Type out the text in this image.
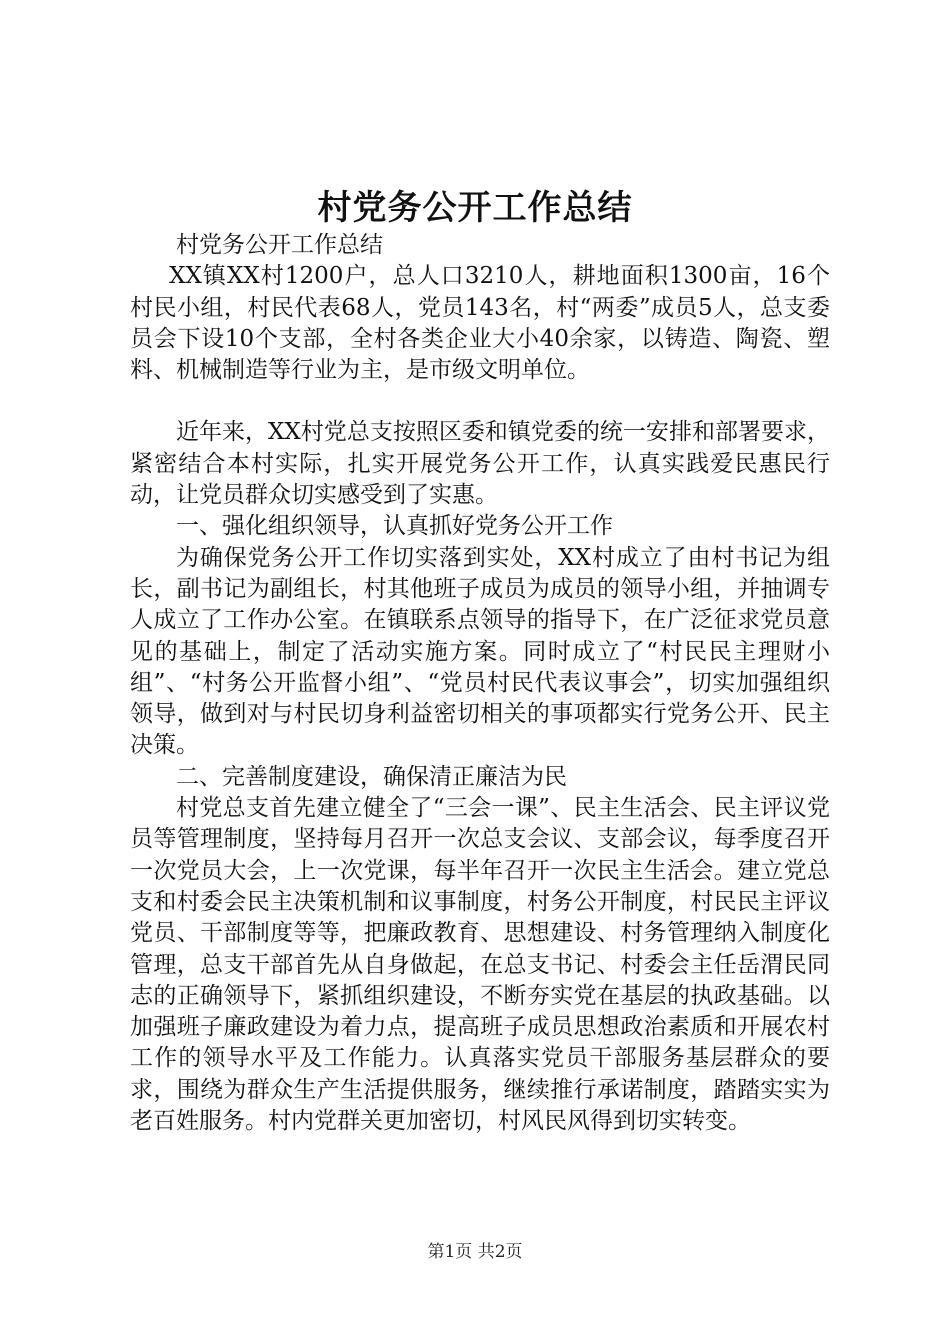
村党务公开工作总结

村党务公开工作总结

XX镇XX村1200户，总人口3210人，耕地面积1300亩，16个村民小组，村民代表68人，党员143名，村“两委”成员5人，总支委员会下设10个支部，全村各类企业大小40余家，以铸造、陶瓷、塑料、机械制造等行业为主，是市级文明单位。

近年来，XX村党总支按照区委和镇党委的统一安排和部署要求，紧密结合本村实际，扎实开展党务公开工作，认真实践爱民惠民行动，让党员群众切实感受到了实惠。

一、强化组织领导，认真抓好党务公开工作

为确保党务公开工作切实落到实处，XX村成立了由村书记为组长，副书记为副组长，村其他班子成员为成员的领导小组，并抽调专人成立了工作办公室。在镇联系点领导的指导下，在广泛征求党员意见的基础上，制定了活动实施方案。同时成立了“村民民主理财小组”、“村务公开监督小组”、“党员村民代表议事会”，切实加强组织领导，做到对与村民切身利益密切相关的事项都实行党务公开、民主决策。

二、完善制度建设，确保清正廉洁为民

村党总支首先建立健全了“三会一课”、民主生活会、民主评议党员等管理制度，坚持每月召开一次总支会议、支部会议，每季度召开一次党员大会，上一次党课，每半年召开一次民主生活会。建立党总支和村委会民主决策机制和议事制度，村务公开制度，村民民主评议党员、干部制度等等，把廉政教育、思想建设、村务管理纳入制度化管理，总支干部首先从自身做起，在总支书记、村委会主任岳渭民同志的正确领导下，紧抓组织建设，不断夯实党在基层的执政基础。以加强班子廉政建设为着力点，提高班子成员思想政治素质和开展农村工作的领导水平及工作能力。认真落实党员干部服务基层群众的要求，围绕为群众生产生活提供服务，继续推行承诺制度，踏踏实实为老百姓服务。村内党群关更加密切，村风民风得到切实转变。

第1页 共2页
